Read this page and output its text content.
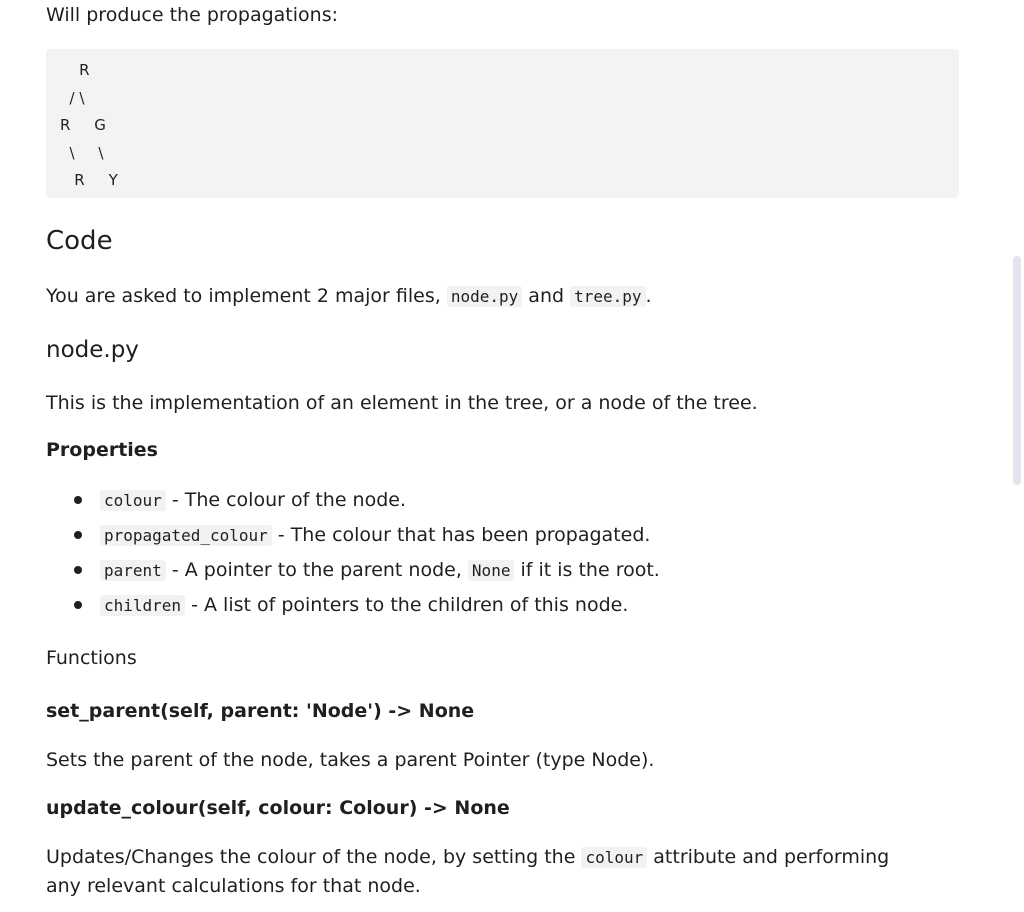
Will produce the propagations:

R
/ \
R     G
\     \
R     Y
Code

You are asked to implement 2 major files, node.py and tree.py .

node.py

This is the implementation of an element in the tree, or a node of the tree.

Properties

colour - The colour of the node.
propagated_colour - The colour that has been propagated.
parent - A pointer to the parent node, None if it is the root.
children - A list of pointers to the children of this node.

Functions

set_parent(self, parent: 'Node') -> None

Sets the parent of the node, takes a parent Pointer (type Node).

update_colour(self, colour: Colour) -> None

Updates/Changes the colour of the node, by setting the colour attribute and performing any relevant calculations for that node.
